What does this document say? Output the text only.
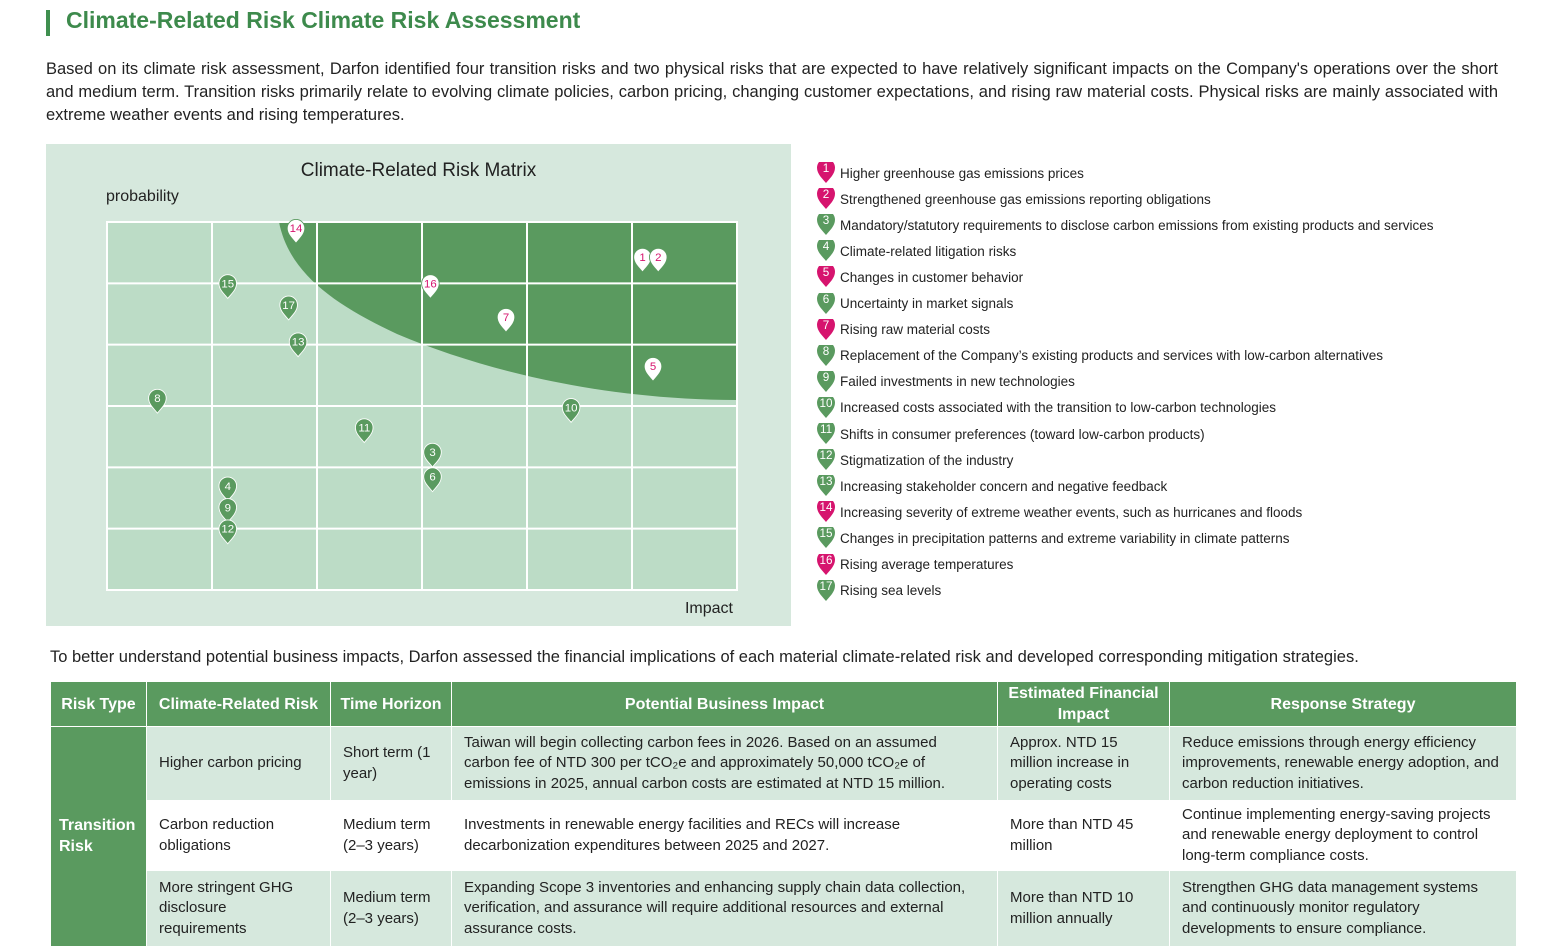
Climate-Related Risk Climate Risk Assessment
Based on its climate risk assessment, Darfon identified four transition risks and two physical risks that are expected to have relatively significant impacts on the Company's operations over the short and medium term. Transition risks primarily relate to evolving climate policies, carbon pricing, changing customer expectations, and rising raw material costs. Physical risks are mainly associated with extreme weather events and rising temperatures.
1 2
3
4
5
6
7
8
9
10
11
12
13
14
15	16
17
Climate-Related Risk Matrix
probability
Impact
1 Higher greenhouse gas emissions prices
2 Strengthened greenhouse gas emissions reporting obligations
3 Mandatory/statutory requirements to disclose carbon emissions from existing products and services
4 Climate-related litigation risks
5 Changes in customer behavior
6 Uncertainty in market signals
7 Rising raw material costs
8 Replacement of the Company’s existing products and services with low-carbon alternatives
9 Failed investments in new technologies
10 Increased costs associated with the transition to low-carbon technologies
11 Shifts in consumer preferences (toward low-carbon products)
12 Stigmatization of the industry
13 Increasing stakeholder concern and negative feedback
14 Increasing severity of extreme weather events, such as hurricanes and floods
15 Changes in precipitation patterns and extreme variability in climate patterns
16 Rising average temperatures
17 Rising sea levels
To better understand potential business impacts, Darfon assessed the financial implications of each material climate-related risk and developed corresponding mitigation strategies.
Risk Type	Climate-Related Risk	Time Horizon	Potential Business Impact	Estimated Financial Impact	Response Strategy
Transition Risk	Higher carbon pricing	Short term (1 year)	Taiwan will begin collecting carbon fees in 2026. Based on an assumed carbon fee of NTD 300 per tCO₂e and approximately 50,000 tCO₂e of emissions in 2025, annual carbon costs are estimated at NTD 15 million.	Approx. NTD 15 million increase in operating costs	Reduce emissions through energy efficiency improvements, renewable energy adoption, and carbon reduction initiatives.
	Carbon reduction obligations	Medium term (2–3 years)	Investments in renewable energy facilities and RECs will increase decarbonization expenditures between 2025 and 2027.	More than NTD 45 million	Continue implementing energy-saving projects and renewable energy deployment to control long-term compliance costs.
	More stringent GHG disclosure requirements	Medium term (2–3 years)	Expanding Scope 3 inventories and enhancing supply chain data collection, verification, and assurance will require additional resources and external assurance costs.	More than NTD 10 million annually	Strengthen GHG data management systems and continuously monitor regulatory developments to ensure compliance.
